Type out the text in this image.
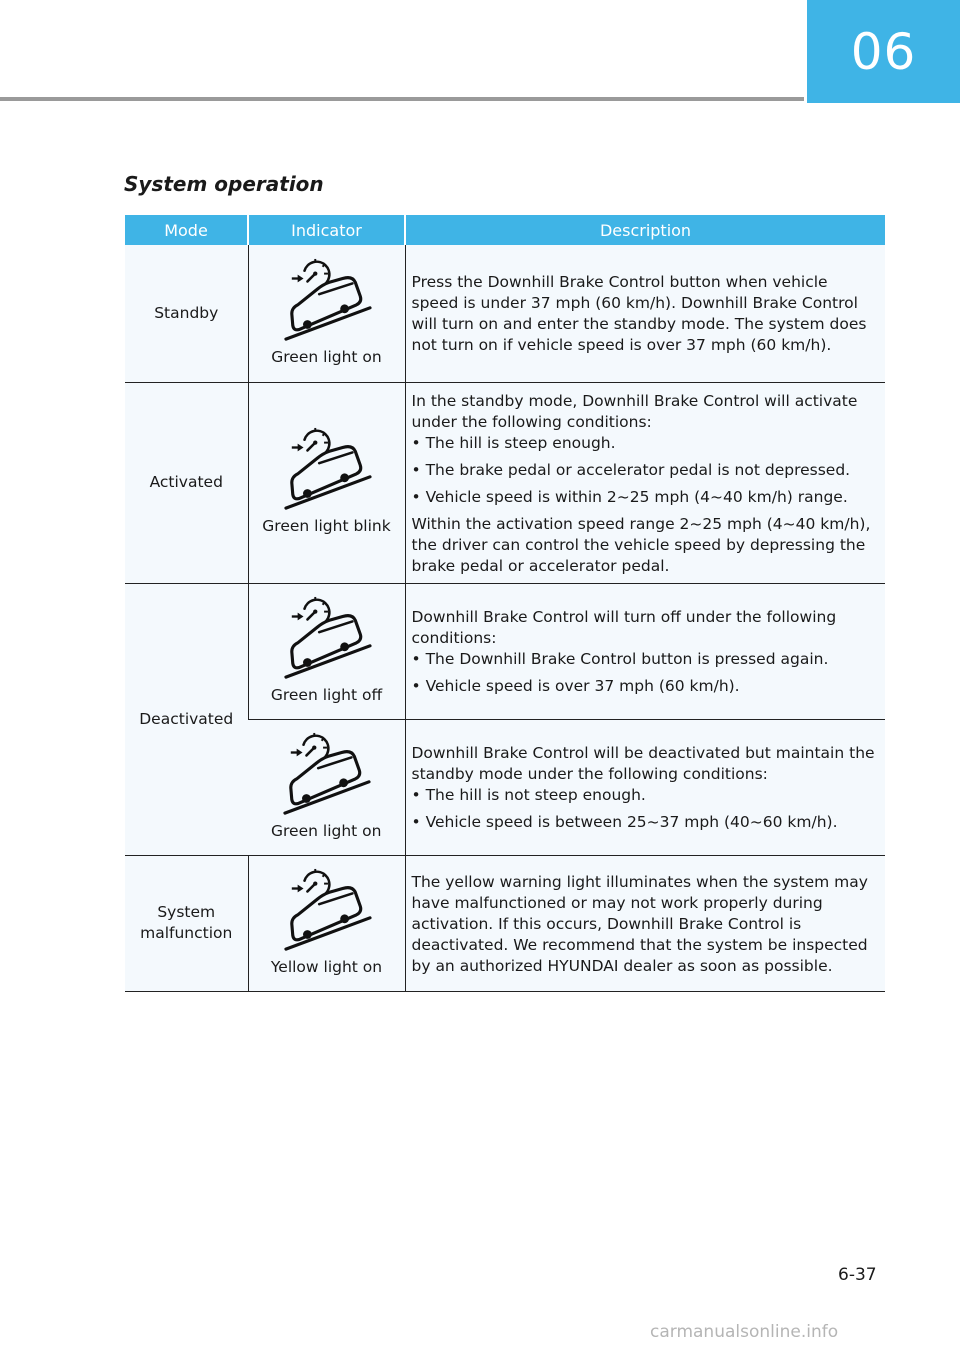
06
System operation
Mode	Indicator	Description
Standby	Green light on	Press the Downhill Brake Control button when vehicle speed is under 37 mph (60 km/h). Downhill Brake Control will turn on and enter the standby mode. The system does not turn on if vehicle speed is over 37 mph (60 km/h).

Activated	Green light blink	In the standby mode, Downhill Brake Control will activate under the following conditions:

• The hill is steep enough.

• The brake pedal or accelerator pedal is not depressed.

• Vehicle speed is within 2~25 mph (4~40 km/h) range.

Within the activation speed range 2~25 mph (4~40 km/h), the driver can control the vehicle speed by depressing the brake pedal or accelerator pedal.

Deactivated	Green light off	Downhill Brake Control will turn off under the following conditions:

• The Downhill Brake Control button is pressed again.

• Vehicle speed is over 37 mph (60 km/h).

	Green light on	Downhill Brake Control will be deactivated but maintain the standby mode under the following conditions:

• The hill is not steep enough.

• Vehicle speed is between 25~37 mph (40~60 km/h).

System malfunction	Yellow light on	The yellow warning light illuminates when the system may have malfunctioned or may not work properly during activation. If this occurs, Downhill Brake Control is deactivated. We recommend that the system be inspected by an authorized HYUNDAI dealer as soon as possible.

6-37
carmanualsonline.info
